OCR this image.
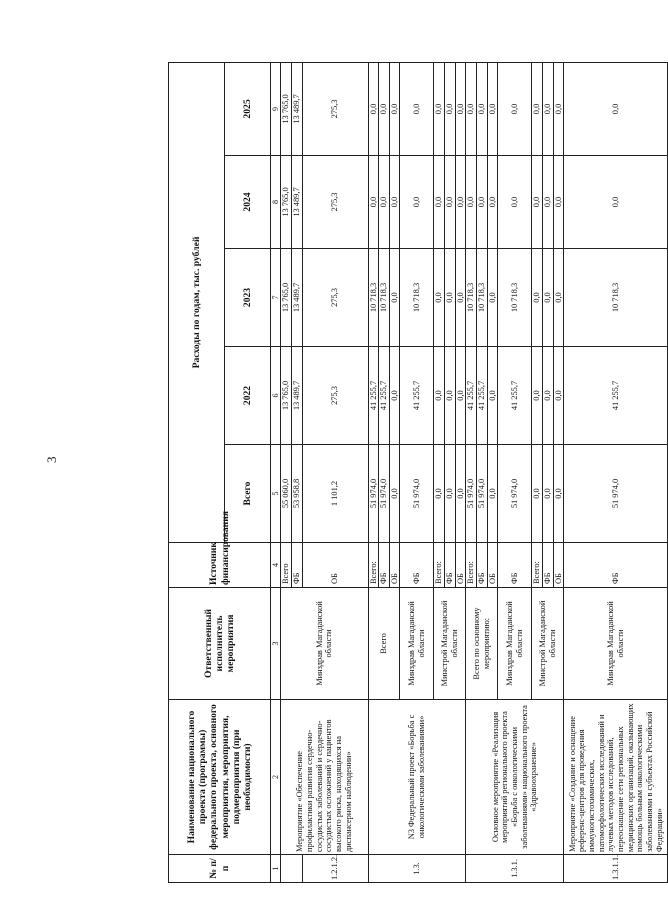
3
№ п/п	Наименование национального проекта (программы) федерального проекта, основного мероприятия, мероприятия, подмероприятия (при необходимости)	Ответственный исполнитель мероприятия	Источник финансирования	Расходы по годам, тыс. рублей				
				Всего	2022	2023	2024	2025
1	2	3	4	5	6	7	8	9
	Мероприятие «Обеспечение профилактики развития сердечно-сосудистых заболеваний и сердечно-сосудистых осложнений у пациентов высокого риска, находящихся на диспансерном наблюдении»	Минздрав Магаданской области	Всего	55 060,0	13 765,0	13 765,0	13 765,0	13 765,0
			ФБ	53 958,8	13 489,7	13 489,7	13 489,7	13 489,7
1.2.1.2.			ОБ	1 101,2	275,3	275,3	275,3	275,3
1.3.	N3 Федеральный проект «Борьба с онкологическими заболеваниями»	Всего	Всего:	51 974,0	41 255,7	10 718,3	0,0	0,0
			ФБ	51 974,0	41 255,7	10 718,3	0,0	0,0
			ОБ	0,0	0,0	0,0	0,0	0,0
		Минздрав Магаданской области	ФБ	51 974,0	41 255,7	10 718,3	0,0	0,0
		Минстрой Магаданской области	Всего:	0,0	0,0	0,0	0,0	0,0
			ФБ	0,0	0,0	0,0	0,0	0,0
			ОБ	0,0	0,0	0,0	0,0	0,0
1.3.1.	Основное мероприятие «Реализация мероприятий регионального проекта «Борьба с онкологическими заболеваниями» национального проекта «Здравоохранение»	Всего по основному мероприятию:	Всего:	51 974,0	41 255,7	10 718,3	0,0	0,0
			ФБ	51 974,0	41 255,7	10 718,3	0,0	0,0
			ОБ	0,0	0,0	0,0	0,0	0,0
		Минздрав Магаданской области	ФБ	51 974,0	41 255,7	10 718,3	0,0	0,0
		Минстрой Магаданской области	Всего:	0,0	0,0	0,0	0,0	0,0
			ФБ	0,0	0,0	0,0	0,0	0,0
			ОБ	0,0	0,0	0,0	0,0	0,0
1.3.1.1.	Мероприятие «Создание и оснащение референс-центров для проведения иммуногистохимических, патоморфологических исследований и лучевых методов исследований, переоснащение сети региональных медицинских организаций, оказывающих помощь больным онкологическими заболеваниями в субъектах Российской Федерации»	Минздрав Магаданской области	ФБ	51 974,0	41 255,7	10 718,3	0,0	0,0
